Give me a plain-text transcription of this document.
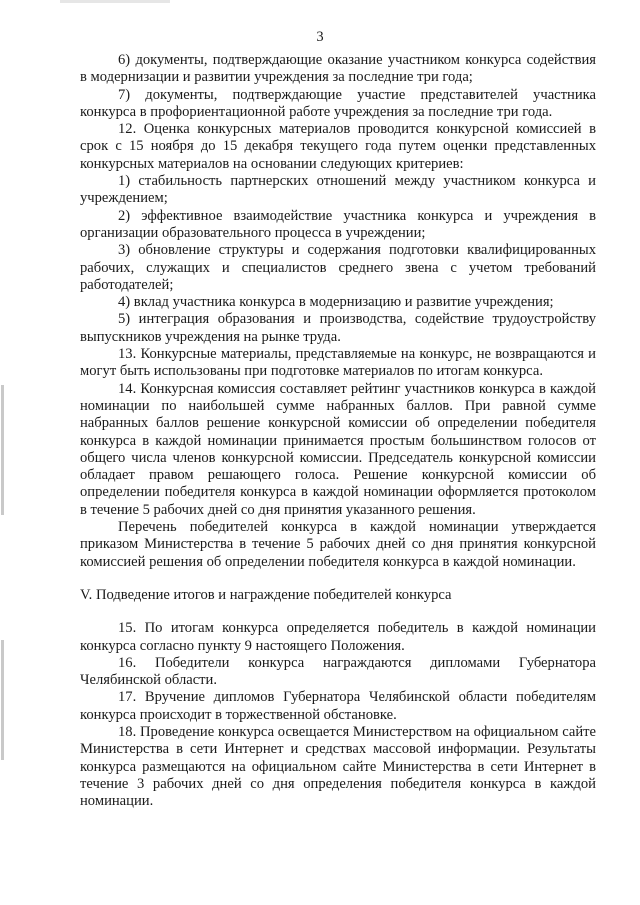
3

6) документы, подтверждающие оказание участником конкурса содействия в модернизации и развитии учреждения за последние три года;

7) документы, подтверждающие участие представителей участника конкурса в профориентационной работе учреждения за последние три года.

12. Оценка конкурсных материалов проводится конкурсной комиссией в срок с 15 ноября до 15 декабря текущего года путем оценки представленных конкурсных материалов на основании следующих критериев:

1) стабильность партнерских отношений между участником конкурса и учреждением;

2) эффективное взаимодействие участника конкурса и учреждения в организации образовательного процесса в учреждении;

3) обновление структуры и содержания подготовки квалифицированных рабочих, служащих и специалистов среднего звена с учетом требований работодателей;

4) вклад участника конкурса в модернизацию и развитие учреждения;

5) интеграция образования и производства, содействие трудоустройству выпускников учреждения на рынке труда.

13. Конкурсные материалы, представляемые на конкурс, не возвращаются и могут быть использованы при подготовке материалов по итогам конкурса.

14. Конкурсная комиссия составляет рейтинг участников конкурса в каждой номинации по наибольшей сумме набранных баллов. При равной сумме набранных баллов решение конкурсной комиссии об определении победителя конкурса в каждой номинации принимается простым большинством голосов от общего числа членов конкурсной комиссии. Председатель конкурсной комиссии обладает правом решающего голоса. Решение конкурсной комиссии об определении победителя конкурса в каждой номинации оформляется протоколом в течение 5 рабочих дней со дня принятия указанного решения.

Перечень победителей конкурса в каждой номинации утверждается приказом Министерства в течение 5 рабочих дней со дня принятия конкурсной комиссией решения об определении победителя конкурса в каждой номинации.

V. Подведение итогов и награждение победителей конкурса

15. По итогам конкурса определяется победитель в каждой номинации конкурса согласно пункту 9 настоящего Положения.

16. Победители конкурса награждаются дипломами Губернатора Челябинской области.

17. Вручение дипломов Губернатора Челябинской области победителям конкурса происходит в торжественной обстановке.

18. Проведение конкурса освещается Министерством на официальном сайте Министерства в сети Интернет и средствах массовой информации. Результаты конкурса размещаются на официальном сайте Министерства в сети Интернет в течение 3 рабочих дней со дня определения победителя конкурса в каждой номинации.
